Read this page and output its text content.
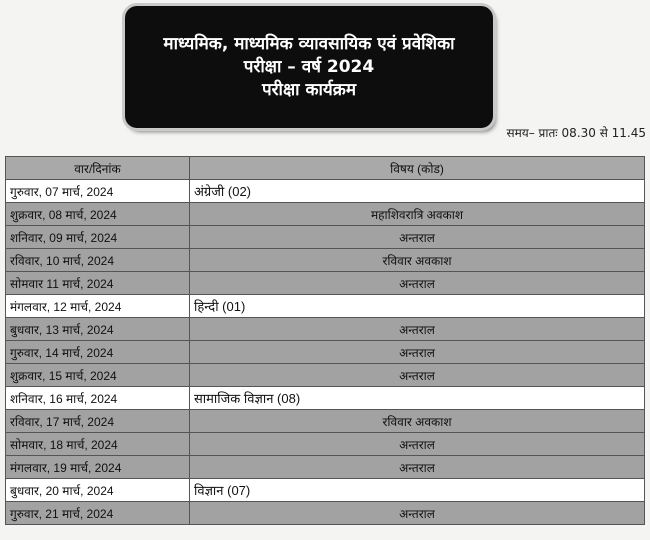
माध्यमिक, माध्यमिक व्यावसायिक एवं प्रवेशिका
परीक्षा – वर्ष 2024
परीक्षा कार्यक्रम
समय– प्रातः 08.30 से 11.45
वार/दिनांक	विषय (कोड)
गुरुवार, 07 मार्च, 2024	अंग्रेजी (02)
शुक्रवार, 08 मार्च, 2024	महाशिवरात्रि अवकाश
शनिवार, 09 मार्च, 2024	अन्तराल
रविवार, 10 मार्च, 2024	रविवार अवकाश
सोमवार 11 मार्च, 2024	अन्तराल
मंगलवार, 12 मार्च, 2024	हिन्दी (01)
बुधवार, 13 मार्च, 2024	अन्तराल
गुरुवार, 14 मार्च, 2024	अन्तराल
शुक्रवार, 15 मार्च, 2024	अन्तराल
शनिवार, 16 मार्च, 2024	सामाजिक विज्ञान (08)
रविवार, 17 मार्च, 2024	रविवार अवकाश
सोमवार, 18 मार्च, 2024	अन्तराल
मंगलवार, 19 मार्च, 2024	अन्तराल
बुधवार, 20 मार्च, 2024	विज्ञान (07)
गुरुवार, 21 मार्च, 2024	अन्तराल
